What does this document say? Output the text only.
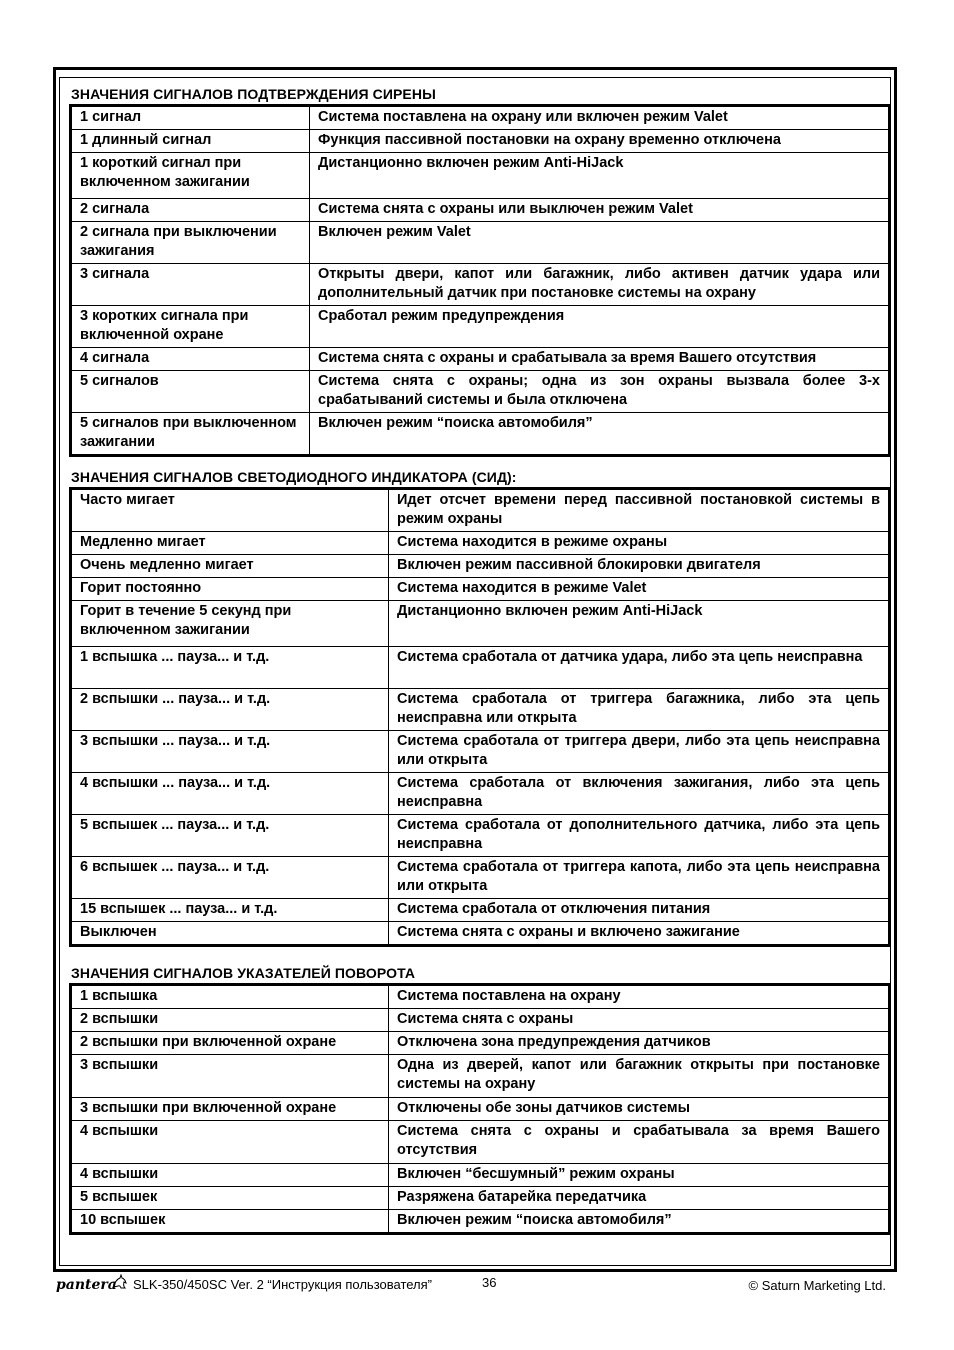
ЗНАЧЕНИЯ СИГНАЛОВ ПОДТВЕРЖДЕНИЯ СИРЕНЫ
1 сигнал	Система поставлена на охрану или включен режим Valet
1 длинный сигнал	Функция пассивной постановки на охрану временно отключена
1 короткий сигнал при включенном зажигании	Дистанционно включен режим Anti-HiJack
2 сигнала	Система снята с охраны или выключен режим Valet
2 сигнала при выключении зажигания	Включен режим Valet
3 сигнала	Открыты двери, капот или багажник, либо активен датчик удара или дополнительный датчик при постановке системы на охрану
3 коротких сигнала при включенной охране	Сработал режим предупреждения
4 сигнала	Система снята с охраны и срабатывала за время Вашего отсутствия
5 сигналов	Система снята с охраны; одна из зон охраны вызвала более 3-х срабатываний системы и была отключена
5 сигналов при выключенном зажигании	Включен режим “поиска автомобиля”
ЗНАЧЕНИЯ СИГНАЛОВ СВЕТОДИОДНОГО ИНДИКАТОРА (СИД):
Часто мигает	Идет отсчет времени перед пассивной постановкой системы в режим охраны
Медленно мигает	Система находится в режиме охраны
Очень медленно мигает	Включен режим пассивной блокировки двигателя
Горит постоянно	Система находится в режиме Valet
Горит в течение 5 секунд при включенном зажигании	Дистанционно включен режим Anti-HiJack
1 вспышка ... пауза... и т.д.	Система сработала от датчика удара, либо эта цепь неисправна
2 вспышки ... пауза... и т.д.	Система сработала от триггера багажника, либо эта цепь неисправна или открыта
3 вспышки ... пауза... и т.д.	Система сработала от триггера двери, либо эта цепь неисправна или открыта
4 вспышки ... пауза... и т.д.	Система сработала от включения зажигания, либо эта цепь неисправна
5 вспышек ... пауза... и т.д.	Система сработала от дополнительного датчика, либо эта цепь неисправна
6 вспышек ... пауза... и т.д.	Система сработала от триггера капота, либо эта цепь неисправна или открыта
15 вспышек ... пауза... и т.д.	Система сработала от отключения питания
Выключен	Система снята с охраны и включено зажигание
ЗНАЧЕНИЯ СИГНАЛОВ УКАЗАТЕЛЕЙ ПОВОРОТА
1 вспышка	Система поставлена на охрану
2 вспышки	Система снята с охраны
2 вспышки при включенной охране	Отключена зона предупреждения датчиков
3 вспышки	Одна из дверей, капот или багажник открыты при постановке системы на охрану
3 вспышки при включенной охране	Отключены обе зоны датчиков системы
4 вспышки	Система снята с охраны и срабатывала за время Вашего отсутствия
4 вспышки	Включен “бесшумный” режим охраны
5 вспышек	Разряжена батарейка передатчика
10 вспышек	Включен режим “поиска автомобиля”
pantera SLK-350/450SC Ver. 2 “Инструкция пользователя”	36	© Saturn Marketing Ltd.
